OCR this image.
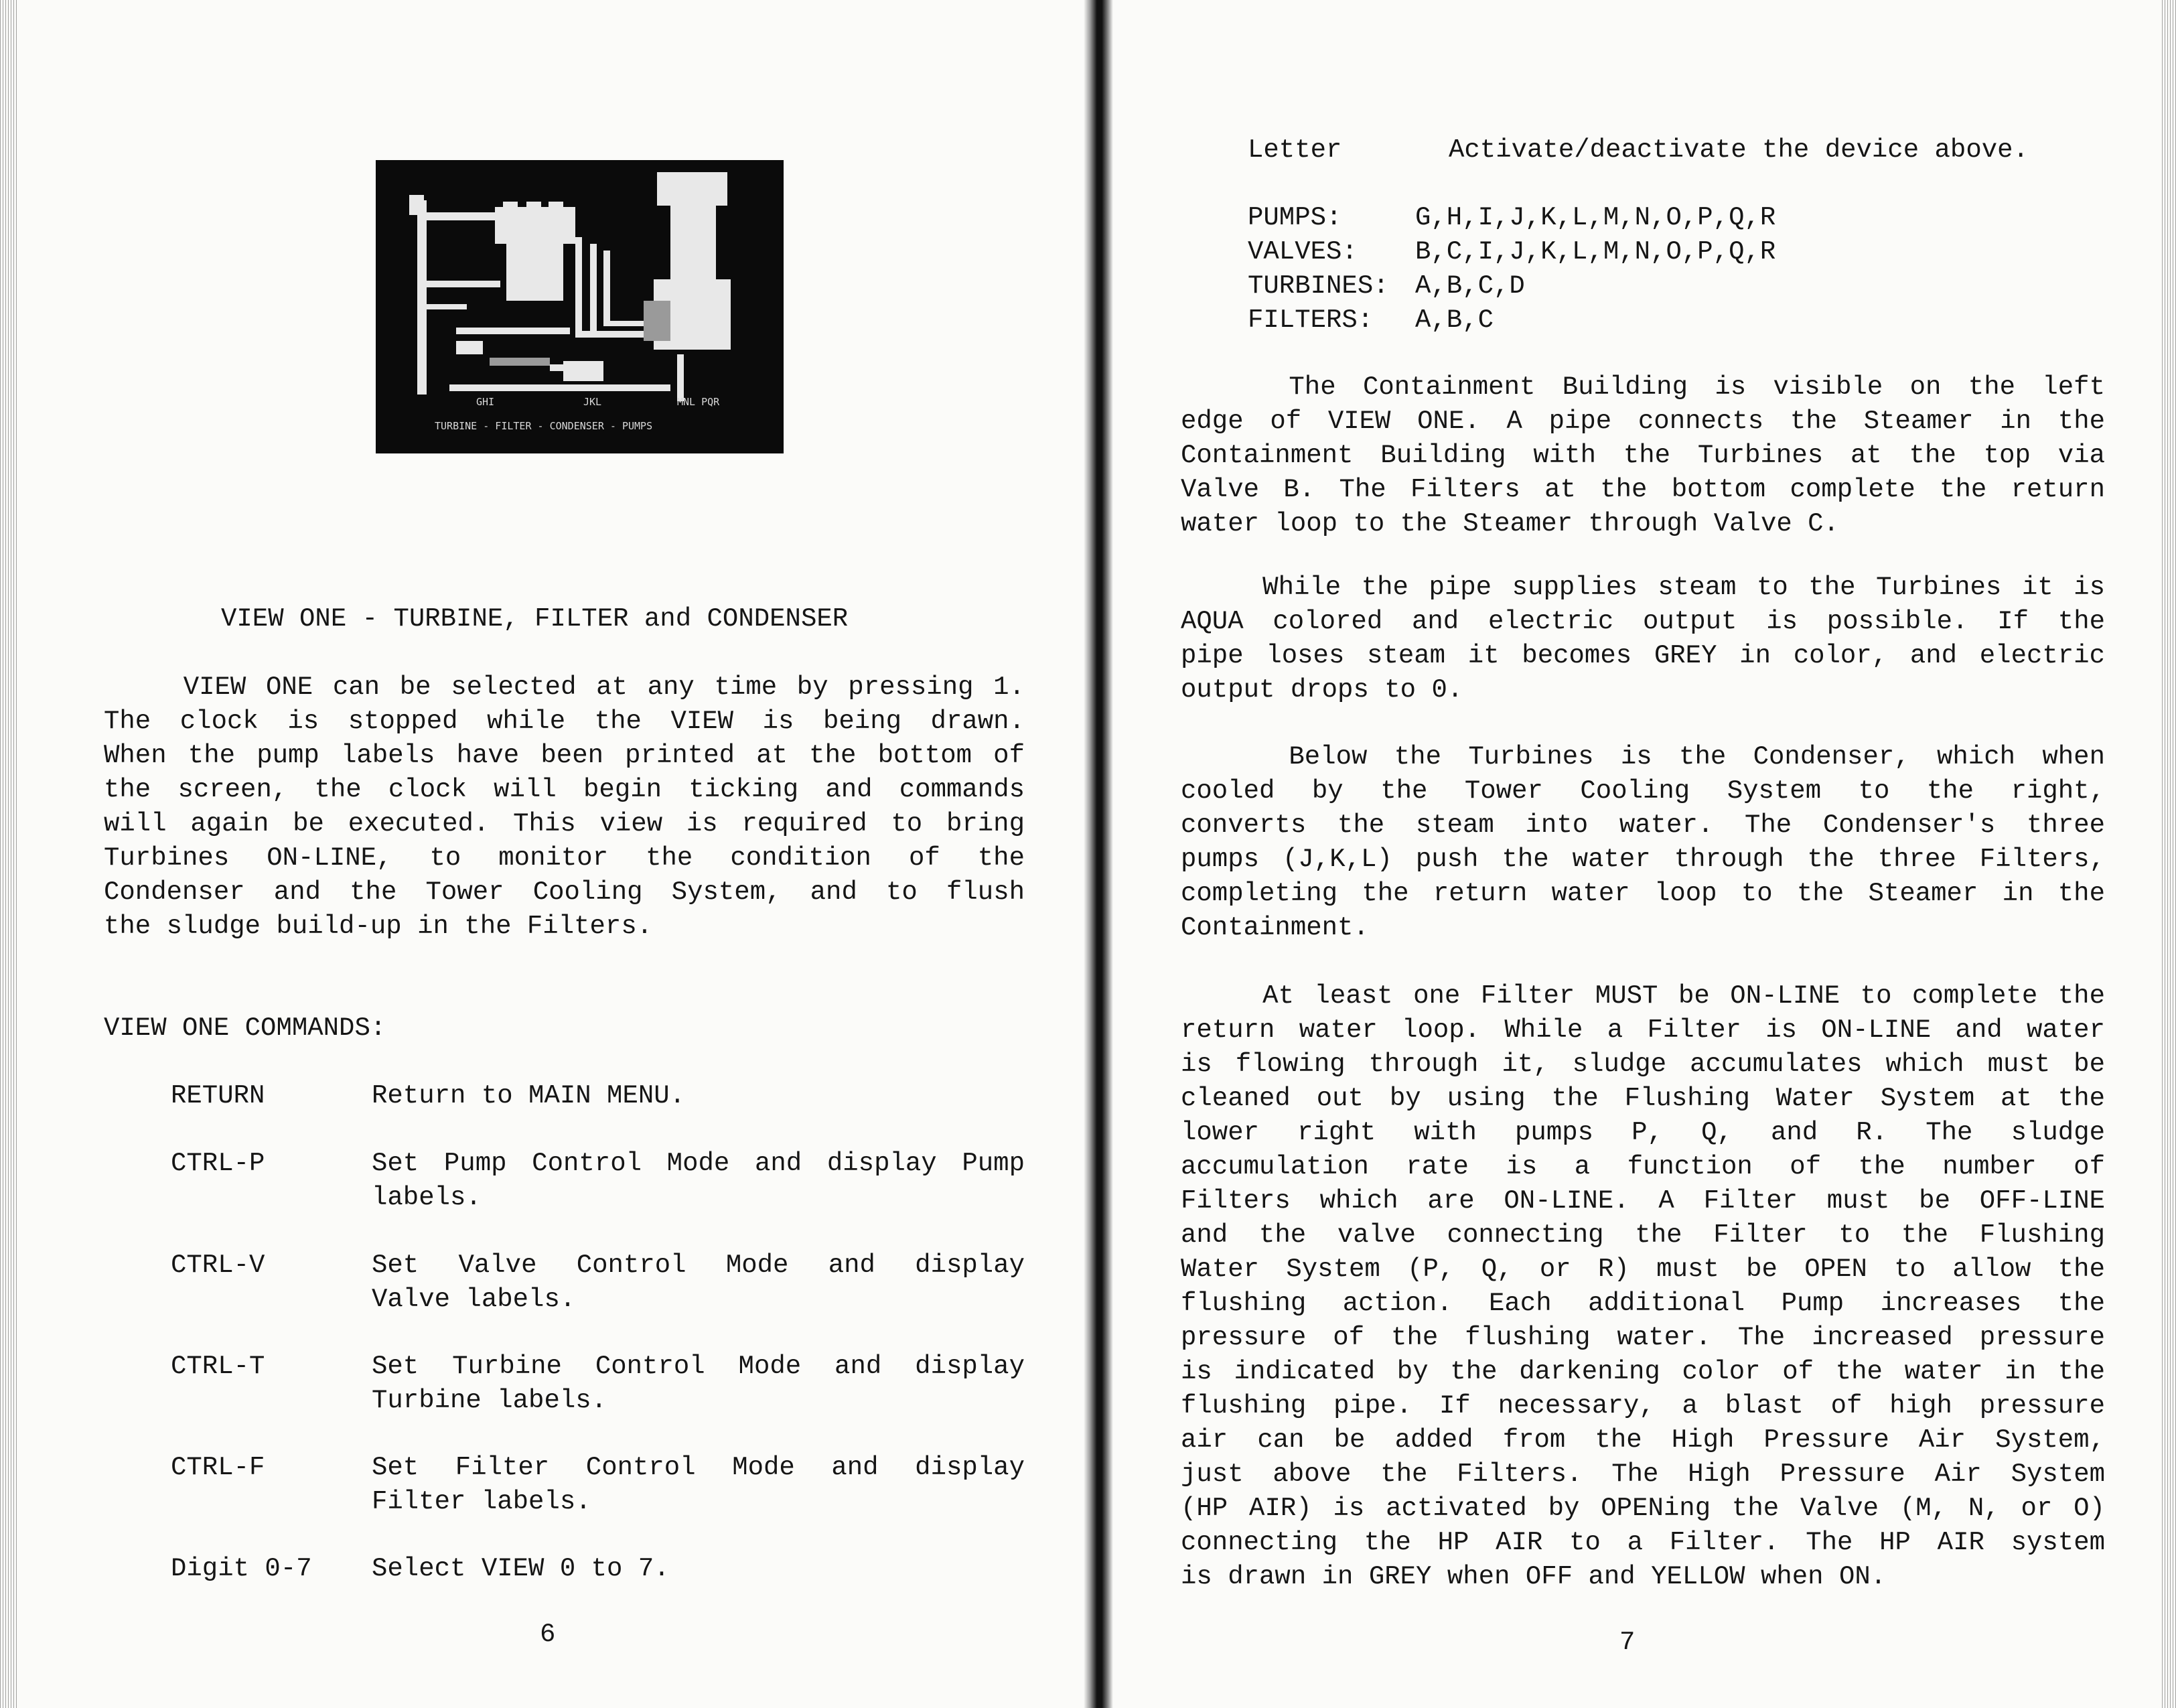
GHI	JKL	MNL PQR
TURBINE - FILTER - CONDENSER - PUMPS
VIEW ONE - TURBINE, FILTER and CONDENSER
VIEW ONE can be selected at any time by pressing 1.
The clock is stopped while the VIEW is being drawn.
When the pump labels have been printed at the bottom of
the screen, the clock will begin ticking and commands
will again be executed. This view is required to bring
Turbines ON-LINE, to monitor the condition of the
Condenser and the Tower Cooling System, and to flush
the sludge build-up in the Filters.
VIEW ONE COMMANDS:
RETURN	Return to MAIN MENU.
CTRL-P	Set Pump Control Mode and display Pump
labels.
CTRL-V	Set Valve Control Mode and display
Valve labels.
CTRL-T	Set Turbine Control Mode and display
Turbine labels.
CTRL-F	Set Filter Control Mode and display
Filter labels.
Digit 0-7 Select VIEW 0 to 7.
6
Letter	Activate/deactivate the device above.
PUMPS:	G,H,I,J,K,L,M,N,O,P,Q,R
VALVES: B,C,I,J,K,L,M,N,O,P,Q,R
TURBINES: A,B,C,D
FILTERS: A,B,C
The Containment Building is visible on the left
edge of VIEW ONE. A pipe connects the Steamer in the
Containment Building with the Turbines at the top via
Valve B. The Filters at the bottom complete the return
water loop to the Steamer through Valve C.
While the pipe supplies steam to the Turbines it is
AQUA colored and electric output is possible. If the
pipe loses steam it becomes GREY in color, and electric
output drops to 0.
Below the Turbines is the Condenser, which when
cooled by the Tower Cooling System to the right,
converts the steam into water. The Condenser's three
pumps (J,K,L) push the water through the three Filters,
completing the return water loop to the Steamer in the
Containment.
At least one Filter MUST be ON-LINE to complete the
return water loop. While a Filter is ON-LINE and water
is flowing through it, sludge accumulates which must be
cleaned out by using the Flushing Water System at the
lower right with pumps P, Q, and R. The sludge
accumulation rate is a function of the number of
Filters which are ON-LINE. A Filter must be OFF-LINE
and the valve connecting the Filter to the Flushing
Water System (P, Q, or R) must be OPEN to allow the
flushing action. Each additional Pump increases the
pressure of the flushing water. The increased pressure
is indicated by the darkening color of the water in the
flushing pipe. If necessary, a blast of high pressure
air can be added from the High Pressure Air System,
just above the Filters. The High Pressure Air System
(HP AIR) is activated by OPENing the Valve (M, N, or O)
connecting the HP AIR to a Filter. The HP AIR system
is drawn in GREY when OFF and YELLOW when ON.
7
